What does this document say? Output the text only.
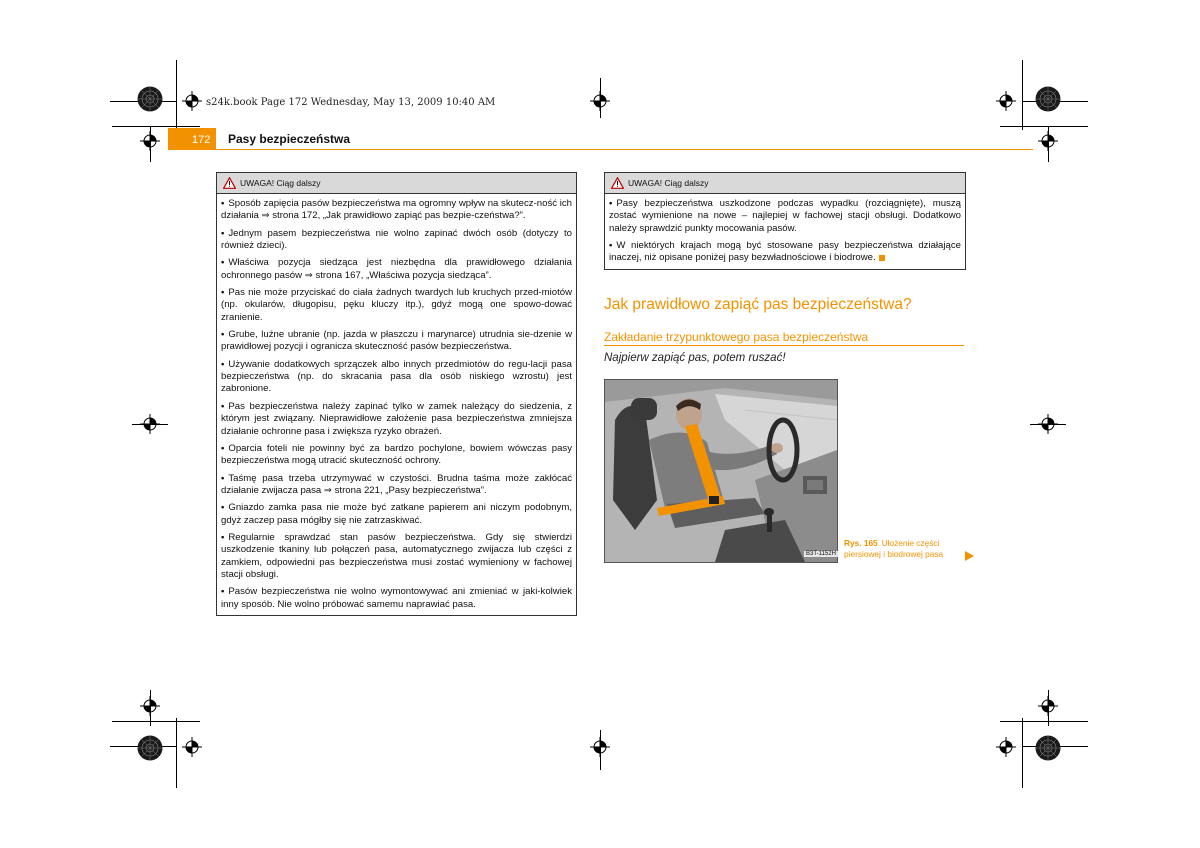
s24k.book Page 172 Wednesday, May 13, 2009 10:40 AM
172 Pasy bezpieczeństwa
UWAGA! Ciąg dalszy
• Sposób zapięcia pasów bezpieczeństwa ma ogromny wpływ na skutecz-ność ich działania ⇒ strona 172, „Jak prawidłowo zapiąć pas bezpie-czeństwa?”.
• Jednym pasem bezpieczeństwa nie wolno zapinać dwóch osób (dotyczy to również dzieci).
• Właściwa pozycja siedząca jest niezbędna dla prawidłowego działania ochronnego pasów ⇒ strona 167, „Właściwa pozycja siedząca”.
• Pas nie może przyciskać do ciała żadnych twardych lub kruchych przed-miotów (np. okularów, długopisu, pęku kluczy itp.), gdyż mogą one spowo-dować zranienie.
• Grube, luźne ubranie (np. jazda w płaszczu i marynarce) utrudnia sie-dzenie w prawidłowej pozycji i ogranicza skuteczność pasów bezpieczeństwa.
• Używanie dodatkowych sprzączek albo innych przedmiotów do regu-lacji pasa bezpieczeństwa (np. do skracania pasa dla osób niskiego wzrostu) jest zabronione.
• Pas bezpieczeństwa należy zapinać tylko w zamek należący do siedzenia, z którym jest związany. Nieprawidłowe założenie pasa bezpieczeństwa zmniejsza działanie ochronne pasa i zwiększa ryzyko obrażeń.
• Oparcia foteli nie powinny być za bardzo pochylone, bowiem wówczas pasy bezpieczeństwa mogą utracić skuteczność ochrony.
• Taśmę pasa trzeba utrzymywać w czystości. Brudna taśma może zakłócać działanie zwijacza pasa ⇒ strona 221, „Pasy bezpieczeństwa”.
• Gniazdo zamka pasa nie może być zatkane papierem ani niczym podobnym, gdyż zaczep pasa mógłby się nie zatrzaskiwać.
• Regularnie sprawdzać stan pasów bezpieczeństwa. Gdy się stwierdzi uszkodzenie tkaniny lub połączeń pasa, automatycznego zwijacza lub części z zamkiem, odpowiedni pas bezpieczeństwa musi zostać wymieniony w fachowej stacji obsługi.
• Pasów bezpieczeństwa nie wolno wymontowywać ani zmieniać w jaki-kolwiek inny sposób. Nie wolno próbować samemu naprawiać pasa.
UWAGA! Ciąg dalszy
• Pasy bezpieczeństwa uszkodzone podczas wypadku (rozciągnięte), muszą zostać wymienione na nowe – najlepiej w fachowej stacji obsługi. Dodatkowo należy sprawdzić punkty mocowania pasów.
• W niektórych krajach mogą być stosowane pasy bezpieczeństwa działające inaczej, niż opisane poniżej pasy bezwładnościowe i biodrowe.
Jak prawidłowo zapiąć pas bezpieczeństwa?
Zakładanie trzypunktowego pasa bezpieczeństwa
Najpierw zapiąć pas, potem ruszać!
B3T-1152H
Rys. 165 Ułożenie części piersiowej i biodrowej pasa
